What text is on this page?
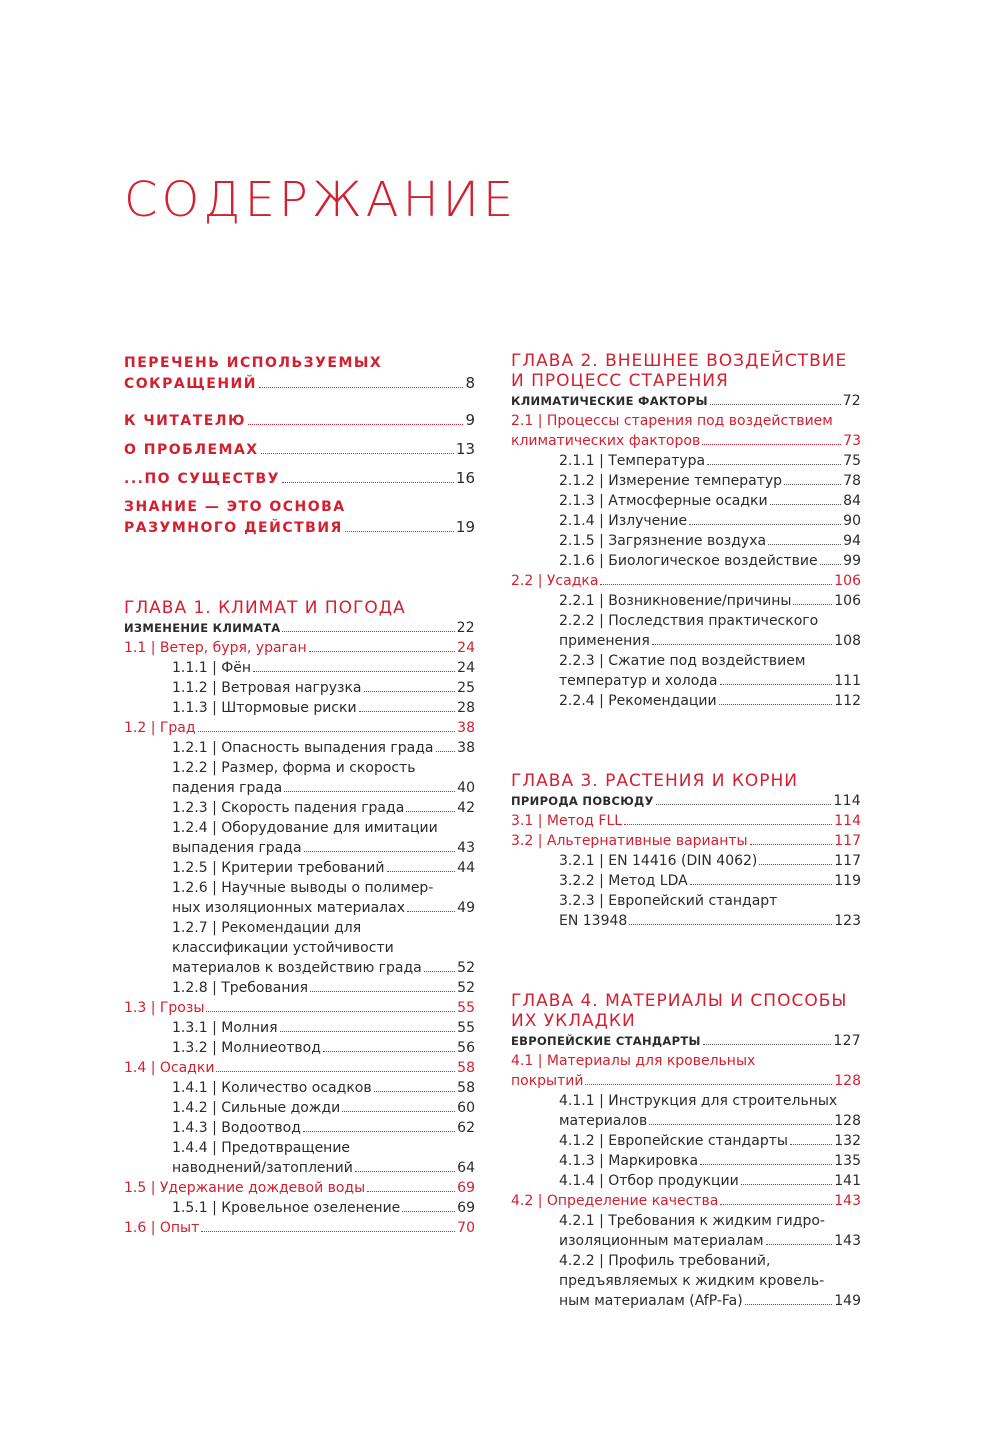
СОДЕРЖАНИЕ
ПЕРЕЧЕНЬ ИСПОЛЬЗУЕМЫХ
СОКРАЩЕНИЙ	8
К ЧИТАТЕЛЮ	9
О ПРОБЛЕМАХ	13
...ПО СУЩЕСТВУ	16
ЗНАНИЕ — ЭТО ОСНОВА
РАЗУМНОГО ДЕЙСТВИЯ	19
ГЛАВА 1. КЛИМАТ И ПОГОДА
ИЗМЕНЕНИЕ КЛИМАТА	22
1.1 | Ветер, буря, ураган	24
1.1.1 | Фён	24
1.1.2 | Ветровая нагрузка	25
1.1.3 | Штормовые риски	28
1.2 | Град	38
1.2.1 | Опасность выпадения града 38
1.2.2 | Размер, форма и скорость
падения града	40
1.2.3 | Скорость падения града	42
1.2.4 | Оборудование для имитации
выпадения града	43
1.2.5 | Критерии требований	44
1.2.6 | Научные выводы о полимер-
ных изоляционных материалах	49
1.2.7 | Рекомендации для
классификации устойчивости
материалов к воздействию града	52
1.2.8 | Требования	52
1.3 | Грозы	55
1.3.1 | Молния	55
1.3.2 | Молниеотвод	56
1.4 | Осадки	58
1.4.1 | Количество осадков	58
1.4.2 | Сильные дожди	60
1.4.3 | Водоотвод	62
1.4.4 | Предотвращение
наводнений/затоплений	64
1.5 | Удержание дождевой воды	69
1.5.1 | Кровельное озеленение	69
1.6 | Опыт	70
ГЛАВА 2. ВНЕШНЕЕ ВОЗДЕЙСТВИЕ
И ПРОЦЕСС СТАРЕНИЯ
КЛИМАТИЧЕСКИЕ ФАКТОРЫ	72
2.1 | Процессы старения под воздействием
климатических факторов	73
2.1.1 | Температура	75
2.1.2 | Измерение температур	78
2.1.3 | Атмосферные осадки	84
2.1.4 | Излучение	90
2.1.5 | Загрязнение воздуха	94
2.1.6 | Биологическое воздействие 99
2.2 | Усадка	106
2.2.1 | Возникновение/причины	106
2.2.2 | Последствия практического
применения	108
2.2.3 | Сжатие под воздействием
температур и холода	111
2.2.4 | Рекомендации	112
ГЛАВА 3. РАСТЕНИЯ И КОРНИ
ПРИРОДА ПОВСЮДУ	114
3.1 | Метод FLL	114
3.2 | Альтернативные варианты	117
3.2.1 | EN 14416 (DIN 4062)	117
3.2.2 | Метод LDA	119
3.2.3 | Европейский стандарт
EN 13948	123
ГЛАВА 4. МАТЕРИАЛЫ И СПОСОБЫ
ИХ УКЛАДКИ
ЕВРОПЕЙСКИЕ СТАНДАРТЫ	127
4.1 | Материалы для кровельных
покрытий	128
4.1.1 | Инструкция для строительных
материалов	128
4.1.2 | Европейские стандарты	132
4.1.3 | Маркировка	135
4.1.4 | Отбор продукции	141
4.2 | Определение качества	143
4.2.1 | Требования к жидким гидро-
изоляционным материалам	143
4.2.2 | Профиль требований,
предъявляемых к жидким кровель-
ным материалам (AfP-Fa)	149
